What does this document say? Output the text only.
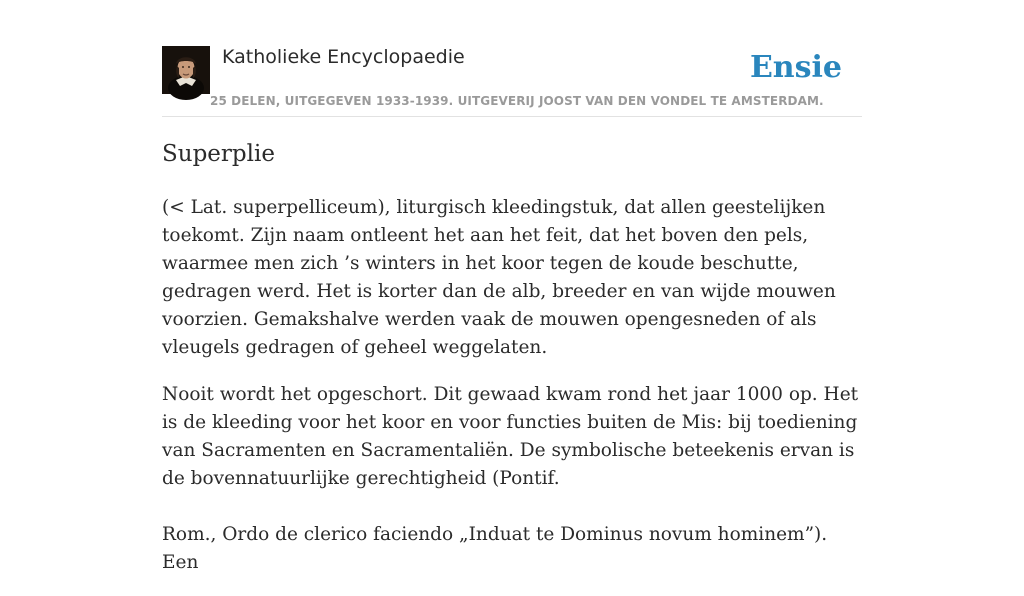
Katholieke Encyclopaedie
25 DELEN, UITGEGEVEN 1933-1939. UITGEVERIJ JOOST VAN DEN VONDEL TE AMSTERDAM.
Ensie
Superplie

(< Lat. superpelliceum), liturgisch kleedingstuk, dat allen geestelijken toekomt. Zijn naam ontleent het aan het feit, dat het boven den pels, waarmee men zich ’s winters in het koor tegen de koude beschutte, gedragen werd. Het is korter dan de alb, breeder en van wijde mouwen voorzien. Gemakshalve werden vaak de mouwen opengesneden of als vleugels gedragen of geheel weggelaten.

Nooit wordt het opgeschort. Dit gewaad kwam rond het jaar 1000 op. Het is de kleeding voor het koor en voor functies buiten de Mis: bij toediening van Sacramenten en Sacramentaliën. De symbolische beteekenis ervan is de bovennatuurlijke gerechtigheid (Pontif.

Rom., Ordo de clerico faciendo „Induat te Dominus novum hominem”). Een
